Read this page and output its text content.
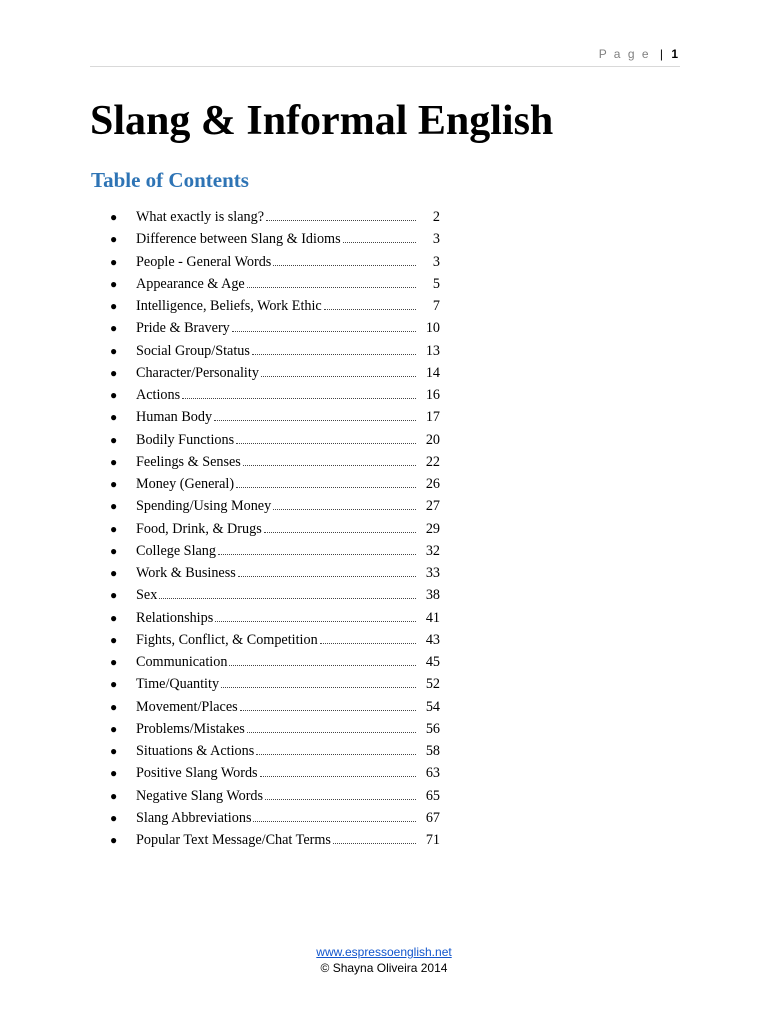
P a g e | 1
Slang & Informal English
Table of Contents
●	What exactly is slang?	2
●	Difference between Slang & Idioms	3
●	People - General Words	3
●	Appearance & Age	5
●	Intelligence, Beliefs, Work Ethic	7
●	Pride & Bravery	10
●	Social Group/Status	13
●	Character/Personality	14
●	Actions	16
●	Human Body	17
●	Bodily Functions	20
●	Feelings & Senses	22
●	Money (General)	26
●	Spending/Using Money	27
●	Food, Drink, & Drugs	29
●	College Slang	32
●	Work & Business	33
●	Sex	38
●	Relationships	41
●	Fights, Conflict, & Competition	43
●	Communication	45
●	Time/Quantity	52
●	Movement/Places	54
●	Problems/Mistakes	56
●	Situations & Actions	58
●	Positive Slang Words	63
●	Negative Slang Words	65
●	Slang Abbreviations	67
●	Popular Text Message/Chat Terms	71
www.espressoenglish.net
© Shayna Oliveira 2014
